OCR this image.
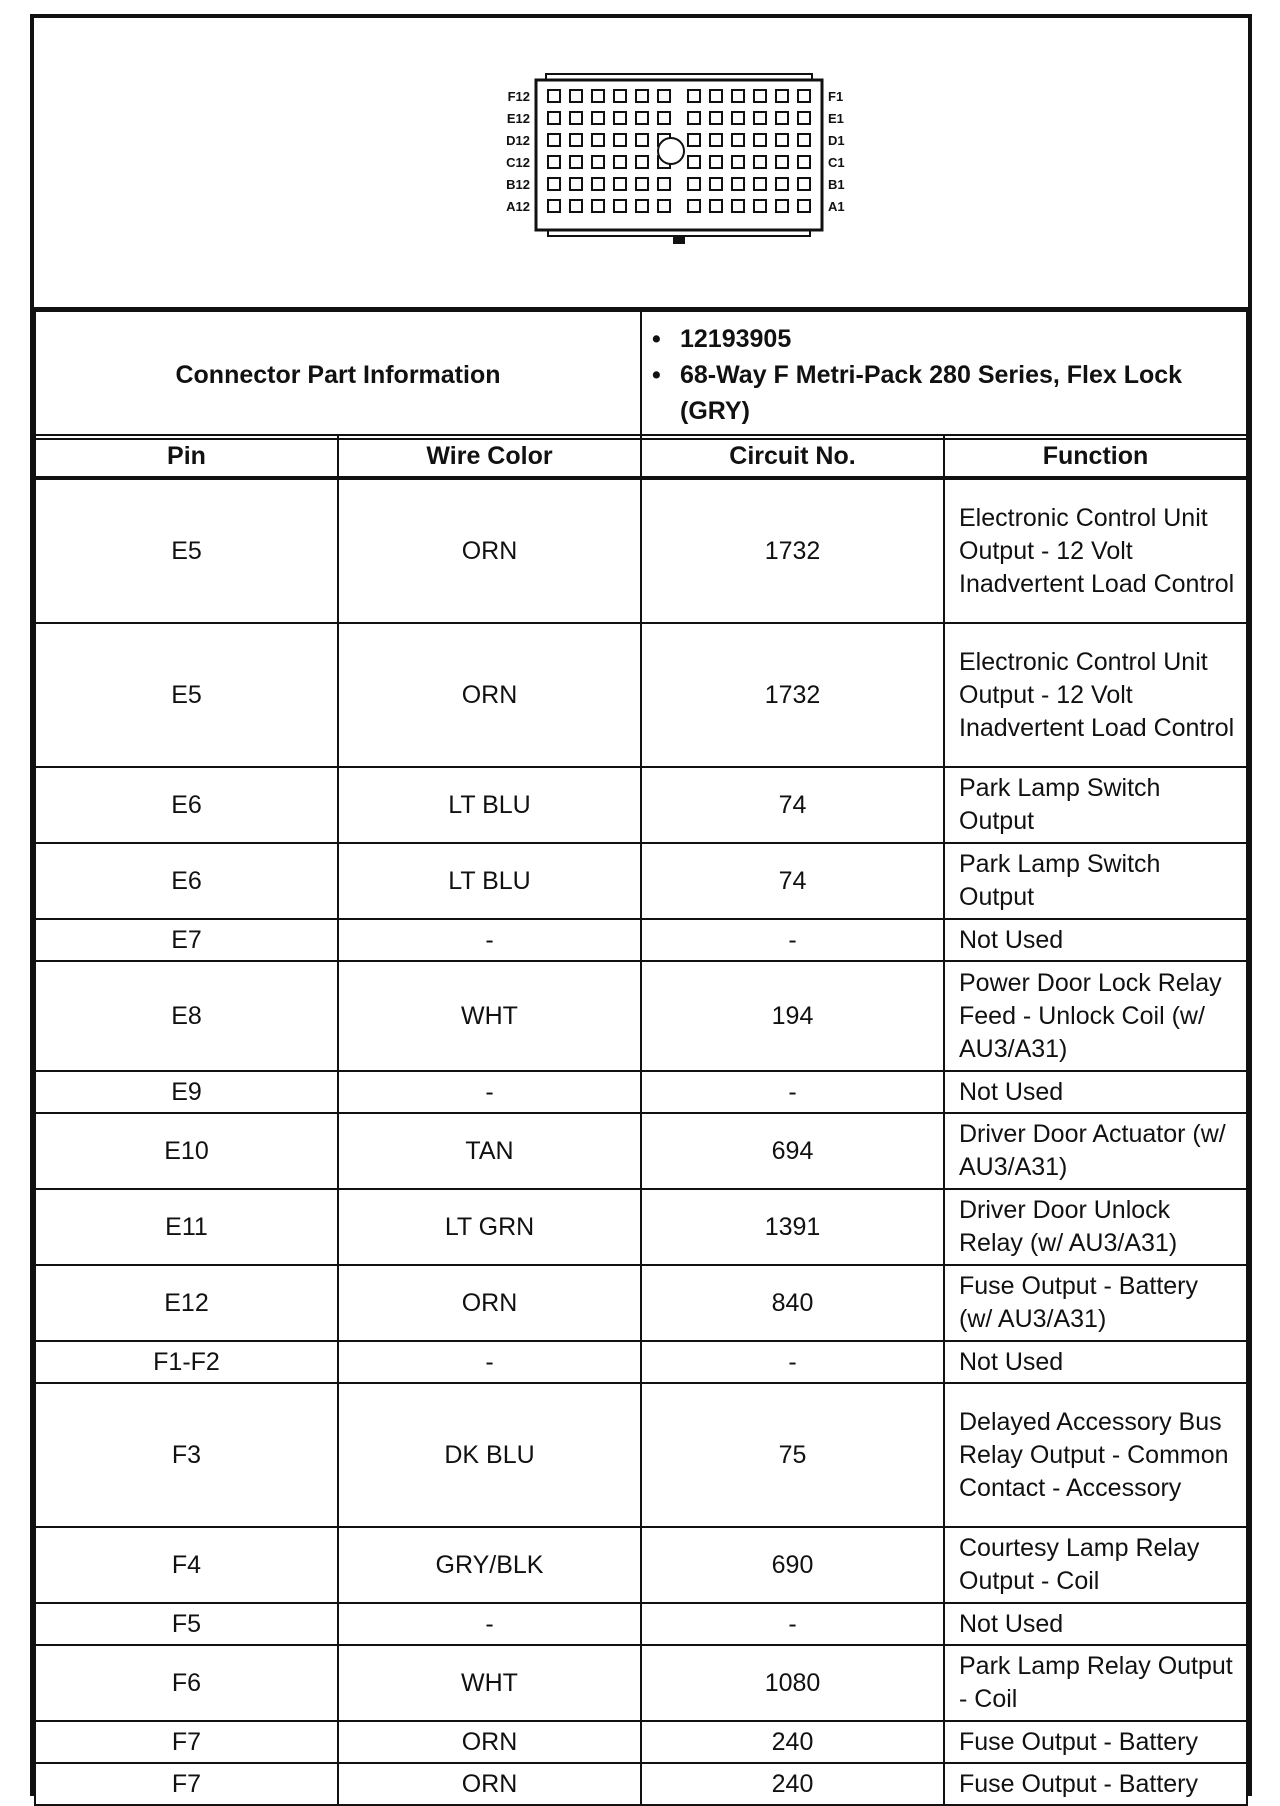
F12	F1
E12	E1
D12	D1
C12	C1
B12	B1
A12	A1
Connector Part Information	
• 12193905
• 68-Way F Metri-Pack 280 Series, Flex Lock (GRY)
Pin	Wire Color	Circuit No.	Function
E5	ORN	1732	Electronic Control Unit Output - 12 Volt Inadvertent Load Control
E5	ORN	1732	Electronic Control Unit Output - 12 Volt Inadvertent Load Control
E6	LT BLU	74	Park Lamp Switch Output
E6	LT BLU	74	Park Lamp Switch Output
E7	-	-	Not Used
E8	WHT	194	Power Door Lock Relay Feed - Unlock Coil (w/ AU3/A31)
E9	-	-	Not Used
E10	TAN	694	Driver Door Actuator (w/ AU3/A31)
E11	LT GRN	1391	Driver Door Unlock Relay (w/ AU3/A31)
E12	ORN	840	Fuse Output - Battery (w/ AU3/A31)
F1-F2	-	-	Not Used
F3	DK BLU	75	Delayed Accessory Bus Relay Output - Common Contact - Accessory
F4	GRY/BLK	690	Courtesy Lamp Relay Output - Coil
F5	-	-	Not Used
F6	WHT	1080	Park Lamp Relay Output - Coil
F7	ORN	240	Fuse Output - Battery
F7	ORN	240	Fuse Output - Battery
